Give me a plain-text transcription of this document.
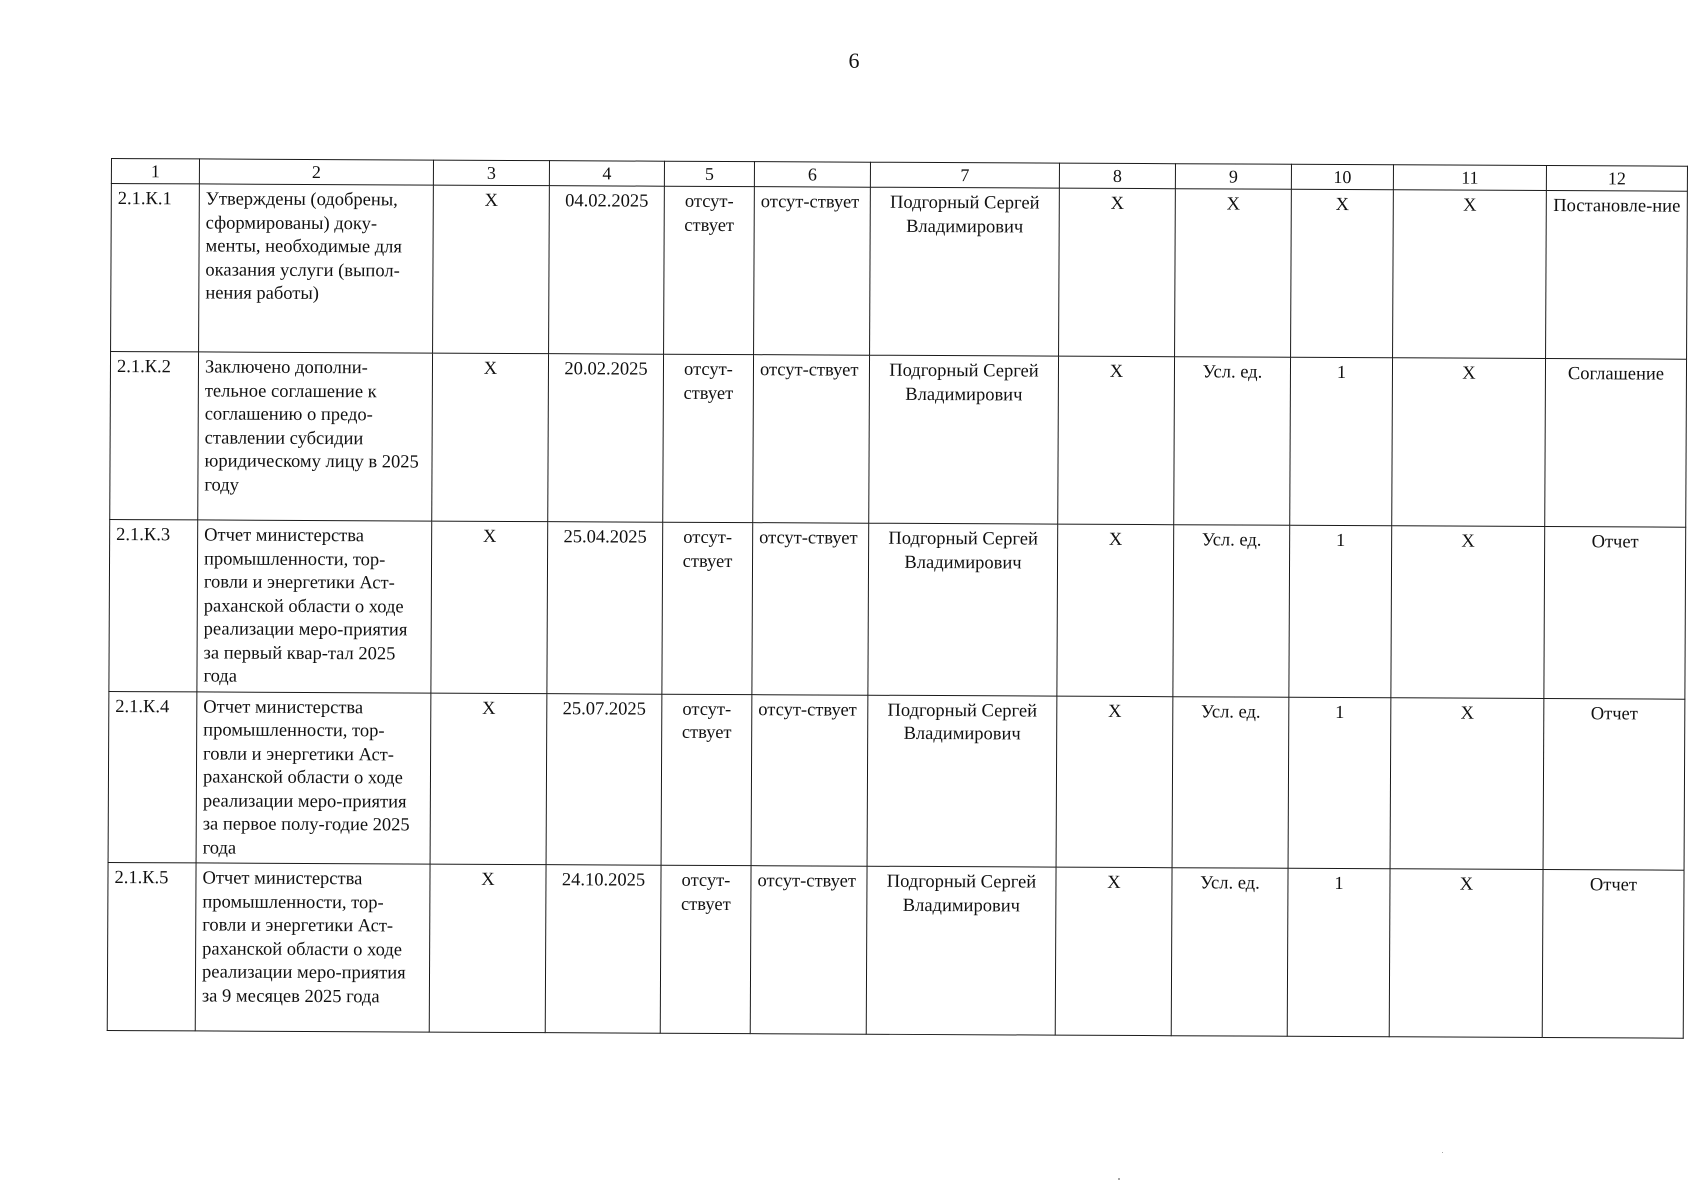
6
1	2	3	4	5	6	7	8	9	10	11	12
2.1.К.1	Утверждены (одобрены, сформированы) доку-менты, необходимые для оказания услуги (выпол-нения работы)	X	04.02.2025	отсут-ствует	отсут-ствует	Подгорный Сергей Владимирович	X	X	X	X	Постановле-ние
2.1.К.2	Заключено дополни-тельное соглашение к соглашению о предо-ставлении субсидии юридическому лицу в 2025 году	X	20.02.2025	отсут-ствует	отсут-ствует	Подгорный Сергей Владимирович	X	Усл. ед.	1	X	Соглашение
2.1.К.3	Отчет министерства промышленности, тор-говли и энергетики Аст-раханской области о ходе реализации меро-приятия за первый квар-тал 2025 года	X	25.04.2025	отсут-ствует	отсут-ствует	Подгорный Сергей Владимирович	X	Усл. ед.	1	X	Отчет
2.1.К.4	Отчет министерства промышленности, тор-говли и энергетики Аст-раханской области о ходе реализации меро-приятия за первое полу-годие 2025 года	X	25.07.2025	отсут-ствует	отсут-ствует	Подгорный Сергей Владимирович	X	Усл. ед.	1	X	Отчет
2.1.К.5	Отчет министерства промышленности, тор-говли и энергетики Аст-раханской области о ходе реализации меро-приятия за 9 месяцев 2025 года	X	24.10.2025	отсут-ствует	отсут-ствует	Подгорный Сергей Владимирович	X	Усл. ед.	1	X	Отчет
